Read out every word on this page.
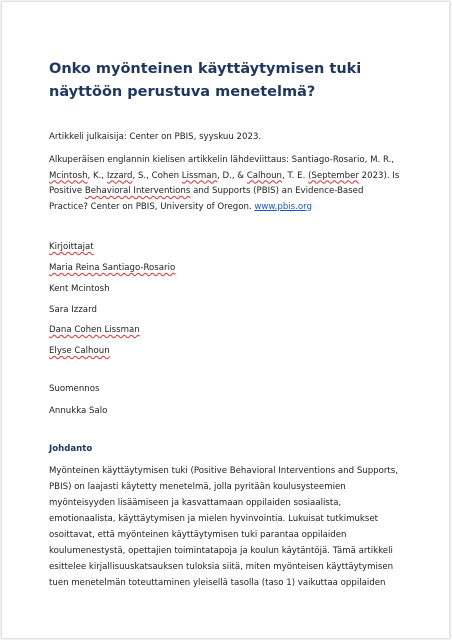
Onko myönteinen käyttäytymisen tuki näyttöön perustuva menetelmä?
Artikkeli julkaisija: Center on PBIS, syyskuu 2023.
Alkuperäisen englannin kielisen artikkelin lähdeviittaus: Santiago-Rosario, M. R.,
Mcintosh, K., Izzard, S., Cohen Lissman, D., & Calhoun, T. E. (September 2023). Is
Positive Behavioral Interventions and Supports (PBIS) an Evidence-Based
Practice? Center on PBIS, University of Oregon. www.pbis.org
Kirjoittajat
Maria Reina Santiago-Rosario
Kent Mcintosh
Sara Izzard
Dana Cohen Lissman
Elyse Calhoun
Suomennos
Annukka Salo
Johdanto
Myönteinen käyttäytymisen tuki (Positive Behavioral Interventions and Supports,
PBIS) on laajasti käytetty menetelmä, jolla pyritään koulusysteemien
myönteisyyden lisäämiseen ja kasvattamaan oppilaiden sosiaalista,
emotionaalista, käyttäytymisen ja mielen hyvinvointia. Lukuisat tutkimukset
osoittavat, että myönteinen käyttäytymisen tuki parantaa oppilaiden
koulumenestystä, opettajien toimintatapoja ja koulun käytäntöjä. Tämä artikkeli
esittelee kirjallisuuskatsauksen tuloksia siitä, miten myönteisen käyttäytymisen
tuen menetelmän toteuttaminen yleisellä tasolla (taso 1) vaikuttaa oppilaiden
